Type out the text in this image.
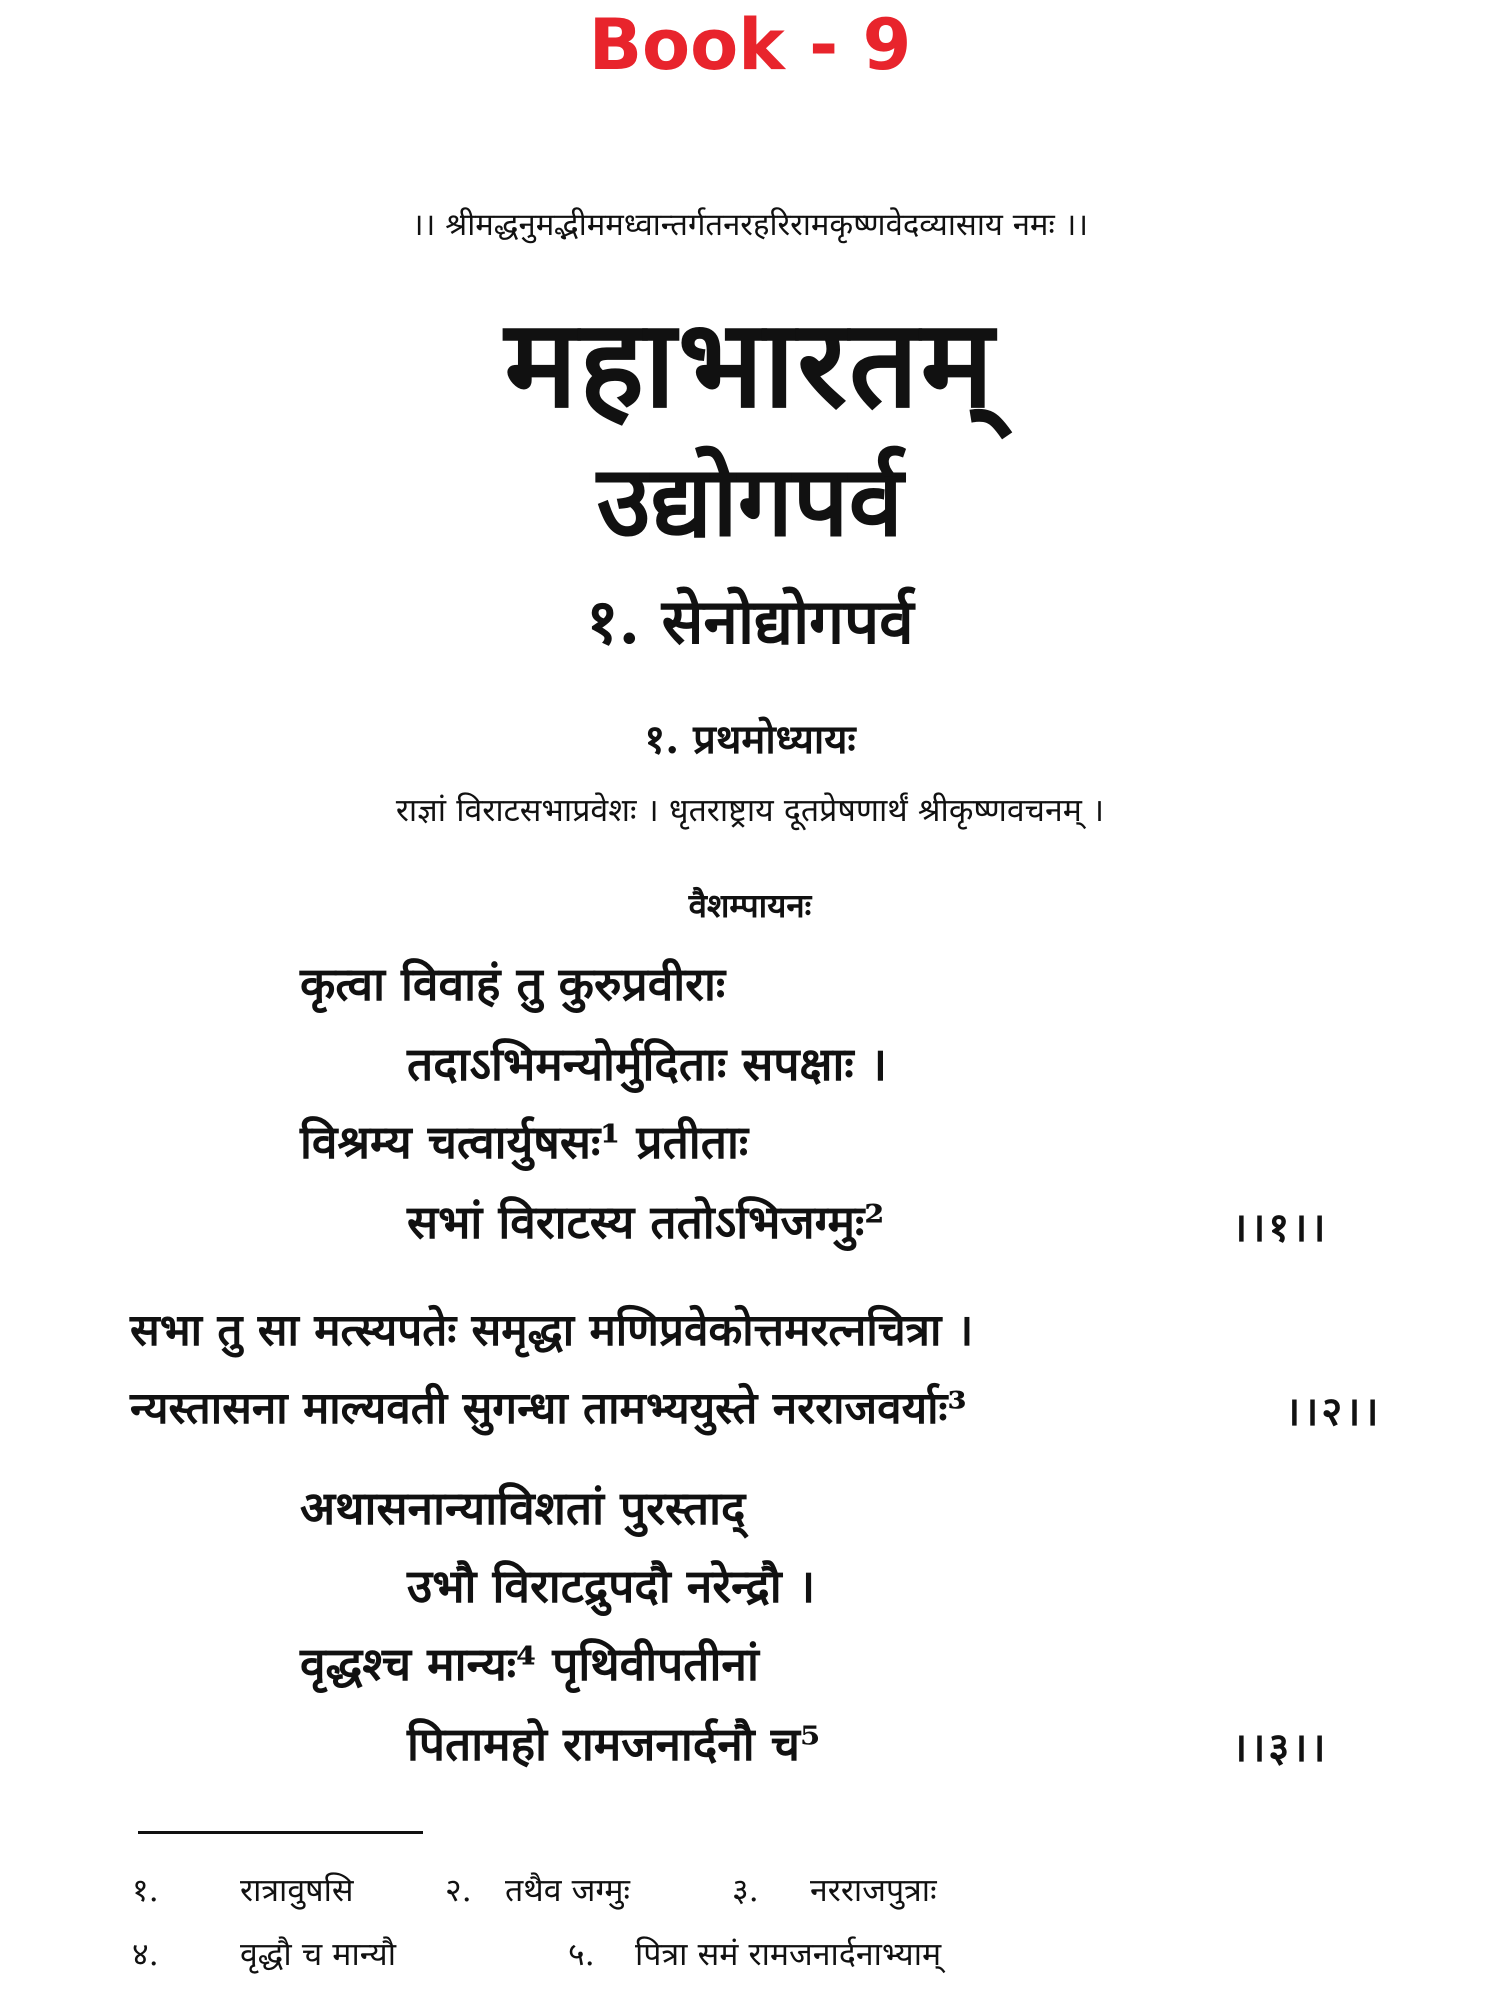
Book - 9
।। श्रीमद्धनुमद्भीममध्वान्तर्गतनरहरिरामकृष्णवेदव्यासाय नमः ।।
महाभारतम्
उद्योगपर्व
१. सेनोद्योगपर्व
१. प्रथमोध्यायः
राज्ञां विराटसभाप्रवेशः । धृतराष्ट्राय दूतप्रेषणार्थं श्रीकृष्णवचनम् ।
वैशम्पायनः
कृत्वा विवाहं तु कुरुप्रवीराः
तदाऽभिमन्योर्मुदिताः सपक्षाः ।
विश्रम्य चत्वार्युषसः¹ प्रतीताः
सभां विराटस्य ततोऽभिजग्मुः²	।।१।।
सभा तु सा मत्स्यपतेः समृद्धा मणिप्रवेकोत्तमरत्नचित्रा ।
न्यस्तासना माल्यवती सुगन्धा तामभ्ययुस्ते नरराजवर्याः³	।।२।।
अथासनान्याविशतां पुरस्ताद्
उभौ विराटद्रुपदौ नरेन्द्रौ ।
वृद्धश्च मान्यः⁴ पृथिवीपतीनां
पितामहो रामजनार्दनौ च⁵	।।३।।
१.	रात्रावुषसि	२. तथैव जग्मुः	३. नरराजपुत्राः
४.	वृद्धौ च मान्यौ	५. पित्रा समं रामजनार्दनाभ्याम्
